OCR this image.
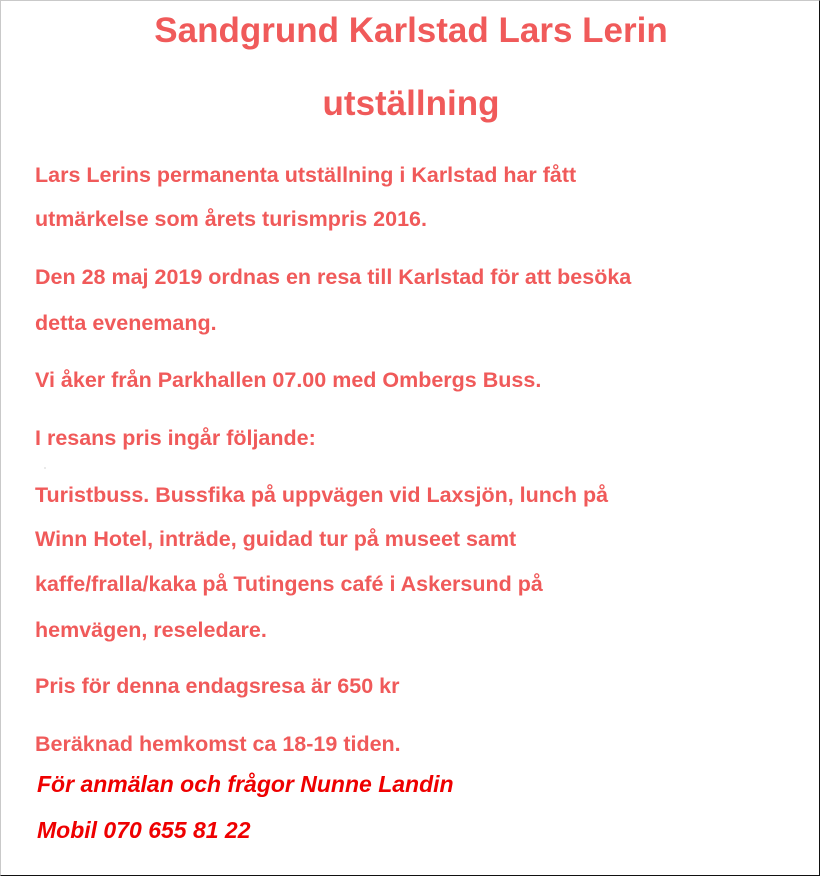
Sandgrund Karlstad Lars Lerin
utställning

Lars Lerins permanenta utställning i Karlstad har fått

utmärkelse som årets turismpris 2016.

Den 28 maj 2019 ordnas en resa till Karlstad för att besöka

detta evenemang.

Vi åker från Parkhallen 07.00 med Ombergs Buss.

I resans pris ingår följande:

Turistbuss. Bussfika på uppvägen vid Laxsjön, lunch på

Winn Hotel, inträde, guidad tur på museet samt

kaffe/fralla/kaka på Tutingens café i Askersund på

hemvägen, reseledare.

Pris för denna endagsresa är 650 kr

Beräknad hemkomst ca 18-19 tiden.

För anmälan och frågor Nunne Landin

Mobil 070 655 81 22
